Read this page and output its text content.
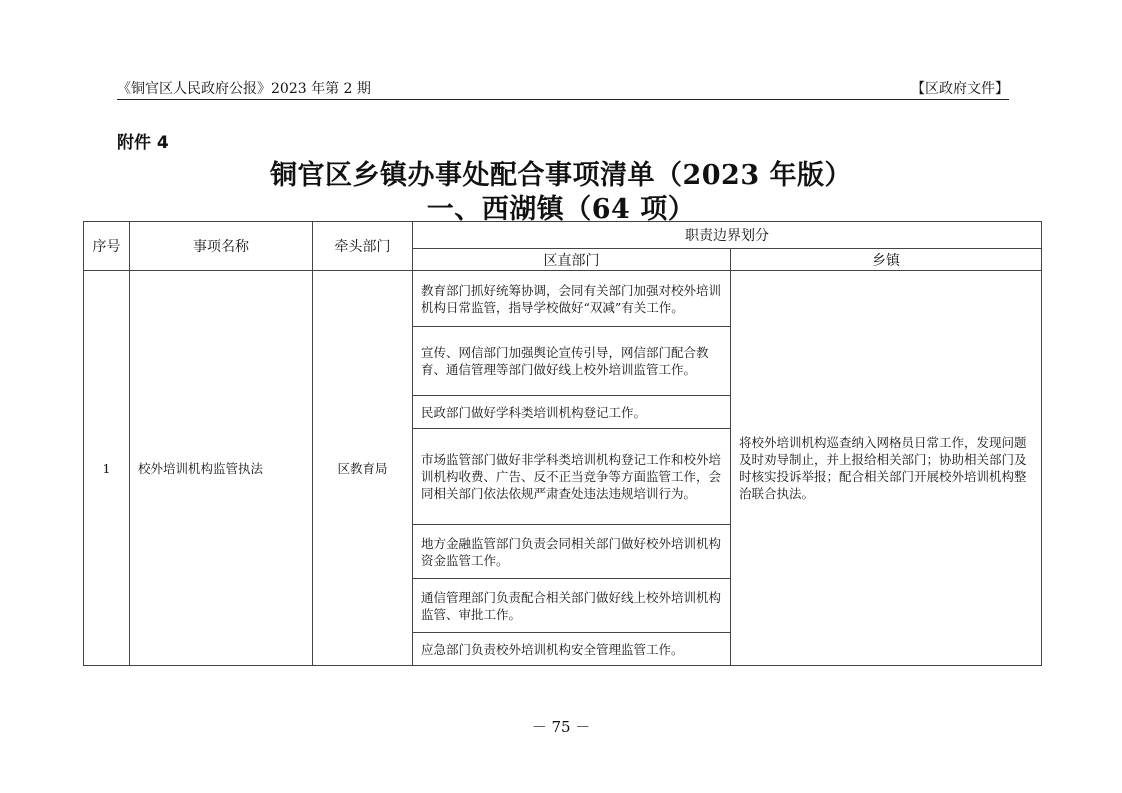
《铜官区人民政府公报》2023 年第 2 期	【区政府文件】
附件 4
铜官区乡镇办事处配合事项清单（2023 年版）
一、西湖镇（64 项）
序号	事项名称	牵头部门	职责边界划分	
			区直部门	乡镇
1	校外培训机构监管执法	区教育局	教育部门抓好统筹协调，会同有关部门加强对校外培训机构日常监管，指导学校做好“双减”有关工作。	将校外培训机构巡查纳入网格员日常工作，发现问题及时劝导制止，并上报给相关部门；协助相关部门及时核实投诉举报；配合相关部门开展校外培训机构整治联合执法。
			宣传、网信部门加强舆论宣传引导，网信部门配合教育、通信管理等部门做好线上校外培训监管工作。	
			民政部门做好学科类培训机构登记工作。	
			市场监管部门做好非学科类培训机构登记工作和校外培训机构收费、广告、反不正当竞争等方面监管工作，会同相关部门依法依规严肃查处违法违规培训行为。	
			地方金融监管部门负责会同相关部门做好校外培训机构资金监管工作。	
			通信管理部门负责配合相关部门做好线上校外培训机构监管、审批工作。	
			应急部门负责校外培训机构安全管理监管工作。	
－ 75 －
